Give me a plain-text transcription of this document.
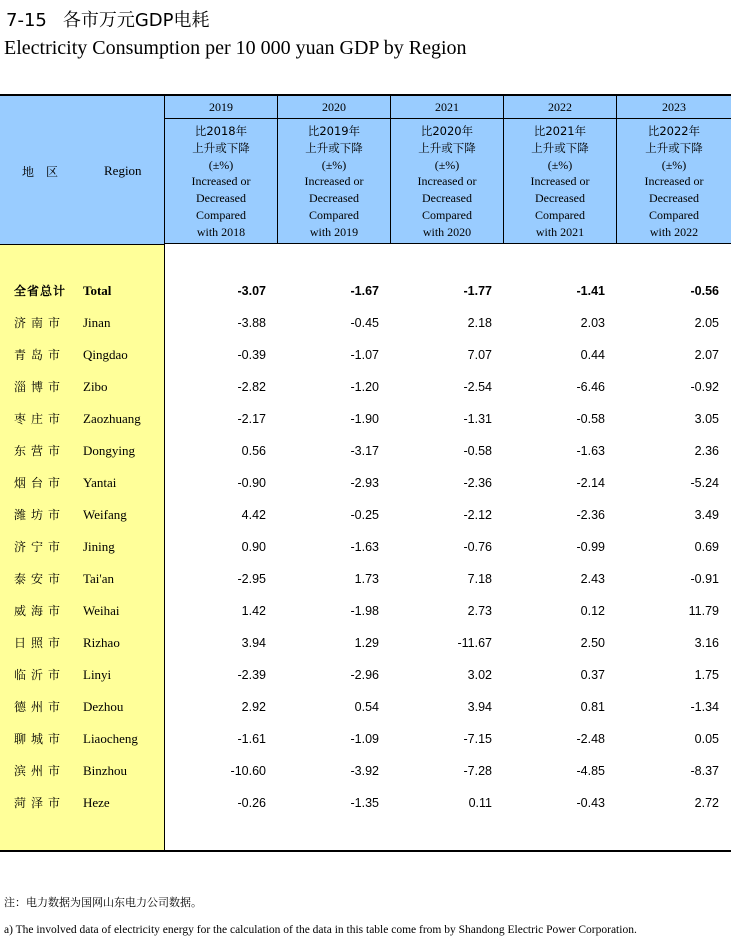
7-15 各市万元GDP电耗
Electricity Consumption per 10 000 yuan GDP by Region
地区	Region
2019
比2018年
上升或下降
(±%)
Increased or
Decreased
Compared
with 2018
2020
比2019年
上升或下降
(±%)
Increased or
Decreased
Compared
with 2019
2021
比2020年
上升或下降
(±%)
Increased or
Decreased
Compared
with 2020
2022
比2021年
上升或下降
(±%)
Increased or
Decreased
Compared
with 2021
2023
比2022年
上升或下降
(±%)
Increased or
Decreased
Compared
with 2022
全省总计 Total	-3.07	-1.67	-1.77	-1.41	-0.56
济南市 Jinan	-3.88	-0.45	2.18	2.03	2.05
青岛市 Qingdao	-0.39	-1.07	7.07	0.44	2.07
淄博市 Zibo	-2.82	-1.20	-2.54	-6.46	-0.92
枣庄市 Zaozhuang	-2.17	-1.90	-1.31	-0.58	3.05
东营市 Dongying	0.56	-3.17	-0.58	-1.63	2.36
烟台市 Yantai	-0.90	-2.93	-2.36	-2.14	-5.24
潍坊市 Weifang	4.42	-0.25	-2.12	-2.36	3.49
济宁市 Jining	0.90	-1.63	-0.76	-0.99	0.69
泰安市 Tai'an	-2.95	1.73	7.18	2.43	-0.91
威海市 Weihai	1.42	-1.98	2.73	0.12	11.79
日照市 Rizhao	3.94	1.29	-11.67	2.50	3.16
临沂市 Linyi	-2.39	-2.96	3.02	0.37	1.75
德州市 Dezhou	2.92	0.54	3.94	0.81	-1.34
聊城市 Liaocheng	-1.61	-1.09	-7.15	-2.48	0.05
滨州市 Binzhou	-10.60	-3.92	-7.28	-4.85	-8.37
菏泽市 Heze	-0.26	-1.35	0.11	-0.43	2.72
注：电力数据为国网山东电力公司数据。
a) The involved data of electricity energy for the calculation of the data in this table come from by Shandong Electric Power Corporation.
